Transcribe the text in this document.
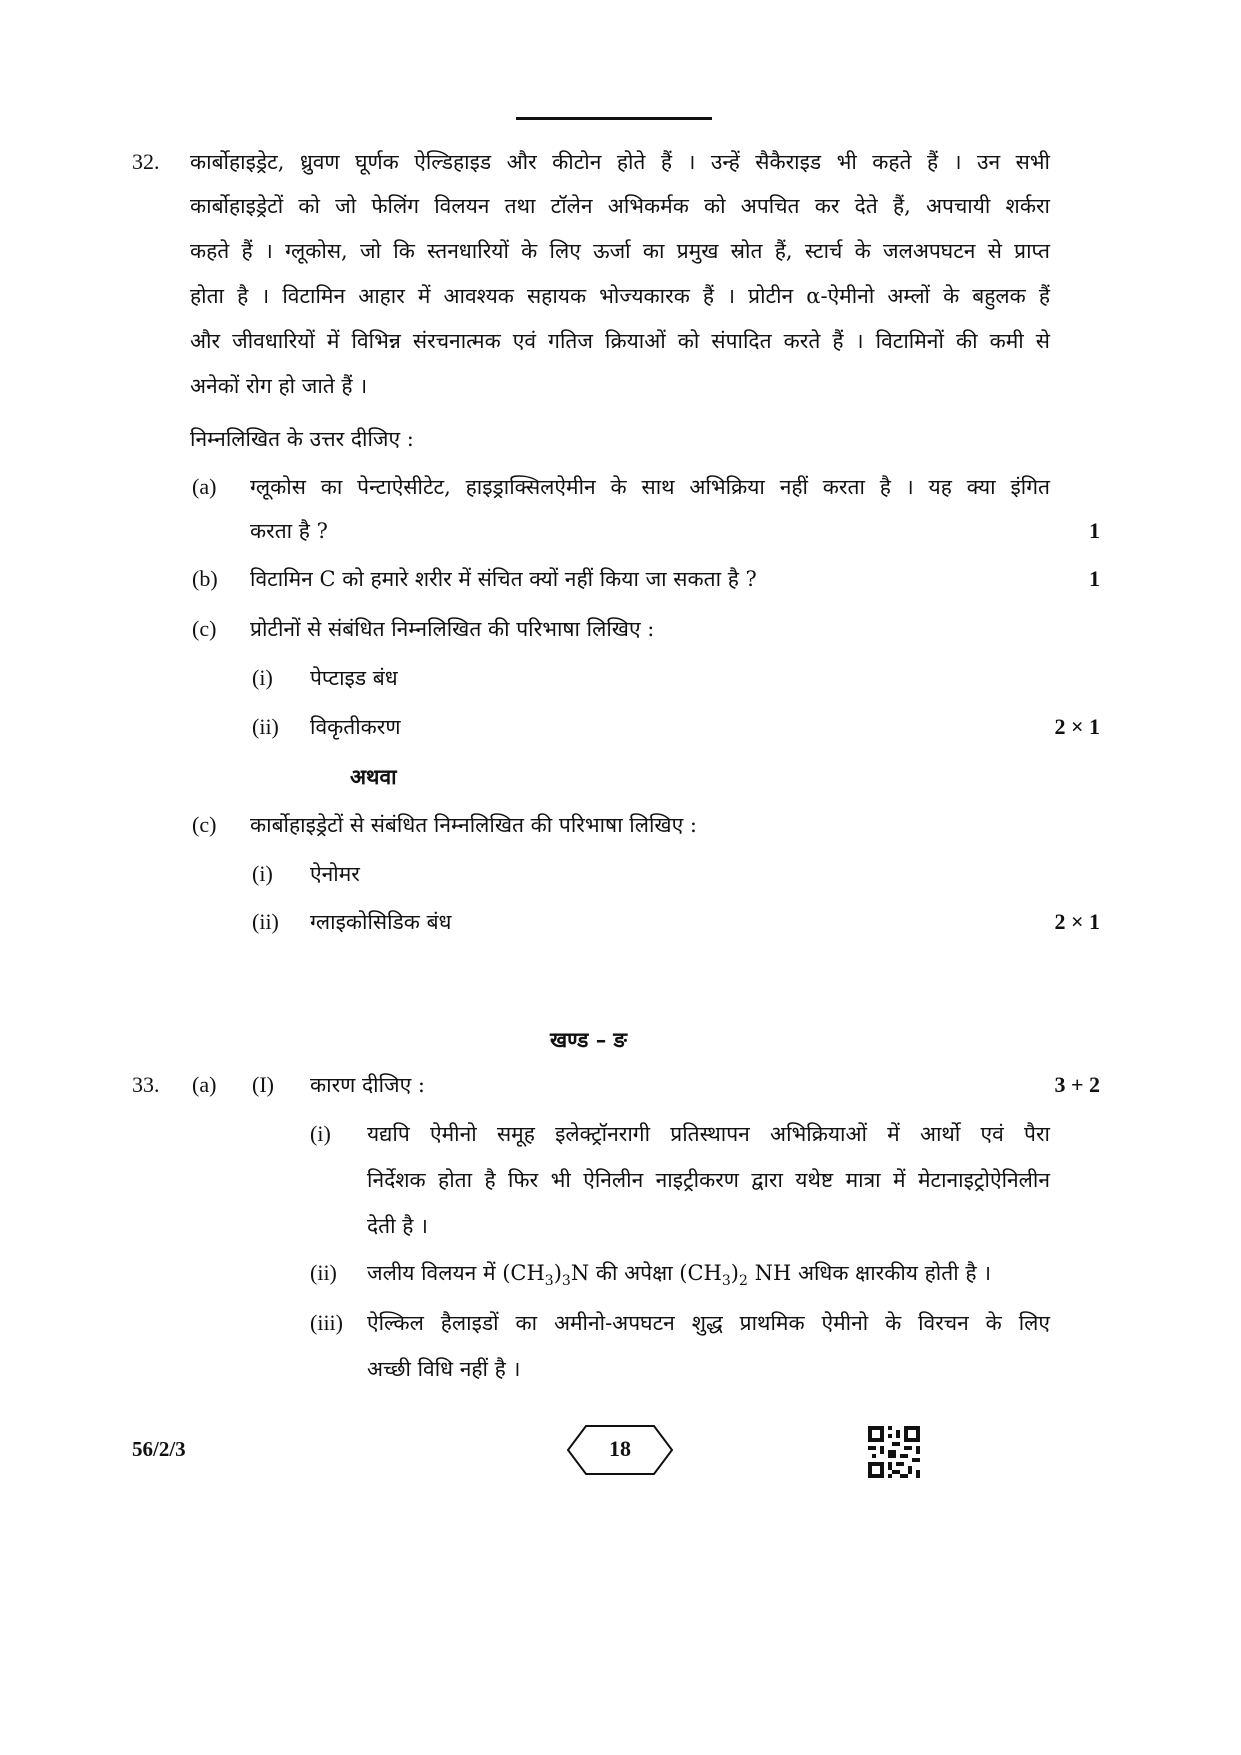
32. कार्बोहाइड्रेट, ध्रुवण घूर्णक ऐल्डिहाइड और कीटोन होते हैं । उन्हें सैकैराइड भी कहते हैं । उन सभी
कार्बोहाइड्रेटों को जो फेलिंग विलयन तथा टॉलेन अभिकर्मक को अपचित कर देते हैं, अपचायी शर्करा
कहते हैं । ग्लूकोस, जो कि स्तनधारियों के लिए ऊर्जा का प्रमुख स्रोत हैं, स्टार्च के जलअपघटन से प्राप्त
होता है । विटामिन आहार में आवश्यक सहायक भोज्यकारक हैं । प्रोटीन α-ऐमीनो अम्लों के बहुलक हैं
और जीवधारियों में विभिन्न संरचनात्मक एवं गतिज क्रियाओं को संपादित करते हैं । विटामिनों की कमी से
अनेकों रोग हो जाते हैं ।
निम्नलिखित के उत्तर दीजिए :
(a) ग्लूकोस का पेन्टाऐसीटेट, हाइड्राक्सिलऐमीन के साथ अभिक्रिया नहीं करता है । यह क्या इंगित
करता है ?	1
(b) विटामिन C को हमारे शरीर में संचित क्यों नहीं किया जा सकता है ?	1
(c) प्रोटीनों से संबंधित निम्नलिखित की परिभाषा लिखिए :
(i) पेप्टाइड बंध
(ii) विकृतीकरण	2 × 1
अथवा
(c) कार्बोहाइड्रेटों से संबंधित निम्नलिखित की परिभाषा लिखिए :
(i) ऐनोमर
(ii) ग्लाइकोसिडिक बंध	2 × 1
खण्ड – ङ
33. (a) (I) कारण दीजिए :	3 + 2
(i) यद्यपि ऐमीनो समूह इलेक्ट्रॉनरागी प्रतिस्थापन अभिक्रियाओं में आर्थो एवं पैरा
निर्देशक होता है फिर भी ऐनिलीन नाइट्रीकरण द्वारा यथेष्ट मात्रा में मेटानाइट्रोऐनिलीन
देती है ।
(ii) जलीय विलयन में $(CH_3)_3N$ की अपेक्षा $(CH_3)_2$ NH अधिक क्षारकीय होती है ।
(iii) ऐल्किल हैलाइडों का अमीनो-अपघटन शुद्ध प्राथमिक ऐमीनो के विरचन के लिए
अच्छी विधि नहीं है ।
56/2/3	18
